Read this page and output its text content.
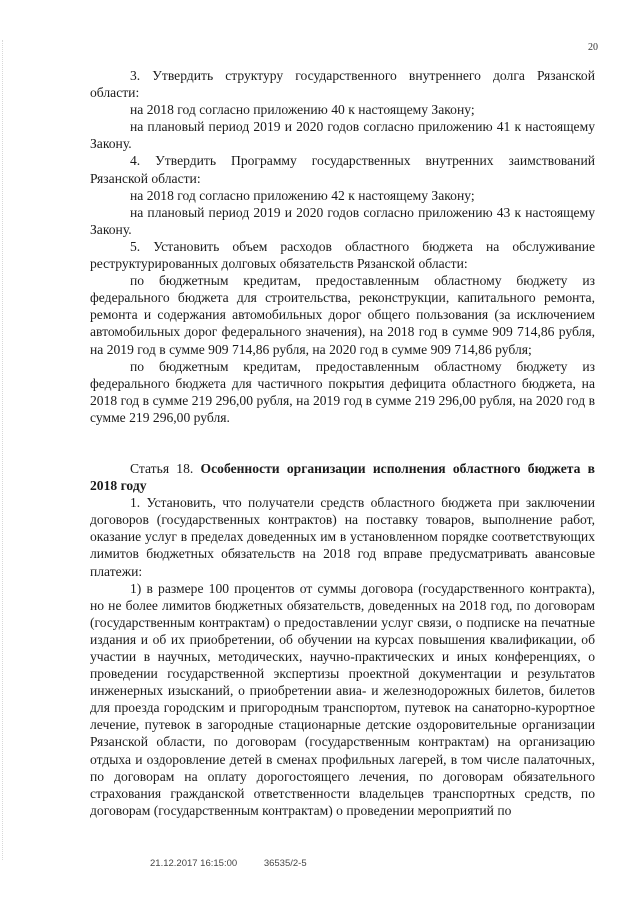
20

3. Утвердить структуру государственного внутреннего долга Рязанской области:

на 2018 год согласно приложению 40 к настоящему Закону;

на плановый период 2019 и 2020 годов согласно приложению 41 к настоящему Закону.

4. Утвердить Программу государственных внутренних заимствований Рязанской области:

на 2018 год согласно приложению 42 к настоящему Закону;

на плановый период 2019 и 2020 годов согласно приложению 43 к настоящему Закону.

5. Установить объем расходов областного бюджета на обслуживание реструктурированных долговых обязательств Рязанской области:

по бюджетным кредитам, предоставленным областному бюджету из федерального бюджета для строительства, реконструкции, капитального ремонта, ремонта и содержания автомобильных дорог общего пользования (за исключением автомобильных дорог федерального значения), на 2018 год в сумме 909 714,86 рубля, на 2019 год в сумме 909 714,86 рубля, на 2020 год в сумме 909 714,86 рубля;

по бюджетным кредитам, предоставленным областному бюджету из федерального бюджета для частичного покрытия дефицита областного бюджета, на 2018 год в сумме 219 296,00 рубля, на 2019 год в сумме 219 296,00 рубля, на 2020 год в сумме 219 296,00 рубля.

Статья 18. Особенности организации исполнения областного бюджета в 2018 году

1. Установить, что получатели средств областного бюджета при заключении договоров (государственных контрактов) на поставку товаров, выполнение работ, оказание услуг в пределах доведенных им в установленном порядке соответствующих лимитов бюджетных обязательств на 2018 год вправе предусматривать авансовые платежи:

1) в размере 100 процентов от суммы договора (государственного контракта), но не более лимитов бюджетных обязательств, доведенных на 2018 год, по договорам (государственным контрактам) о предоставлении услуг связи, о подписке на печатные издания и об их приобретении, об обучении на курсах повышения квалификации, об участии в научных, методических, научно-практических и иных конференциях, о проведении государственной экспертизы проектной документации и результатов инженерных изысканий, о приобретении авиа- и железнодорожных билетов, билетов для проезда городским и пригородным транспортом, путевок на санаторно-курортное лечение, путевок в загородные стационарные детские оздоровительные организации Рязанской области, по договорам (государственным контрактам) на организацию отдыха и оздоровление детей в сменах профильных лагерей, в том числе палаточных, по договорам на оплату дорогостоящего лечения, по договорам обязательного страхования гражданской ответственности владельцев транспортных средств, по договорам (государственным контрактам) о проведении мероприятий по

21.12.2017 16:15:00	36535/2-5
